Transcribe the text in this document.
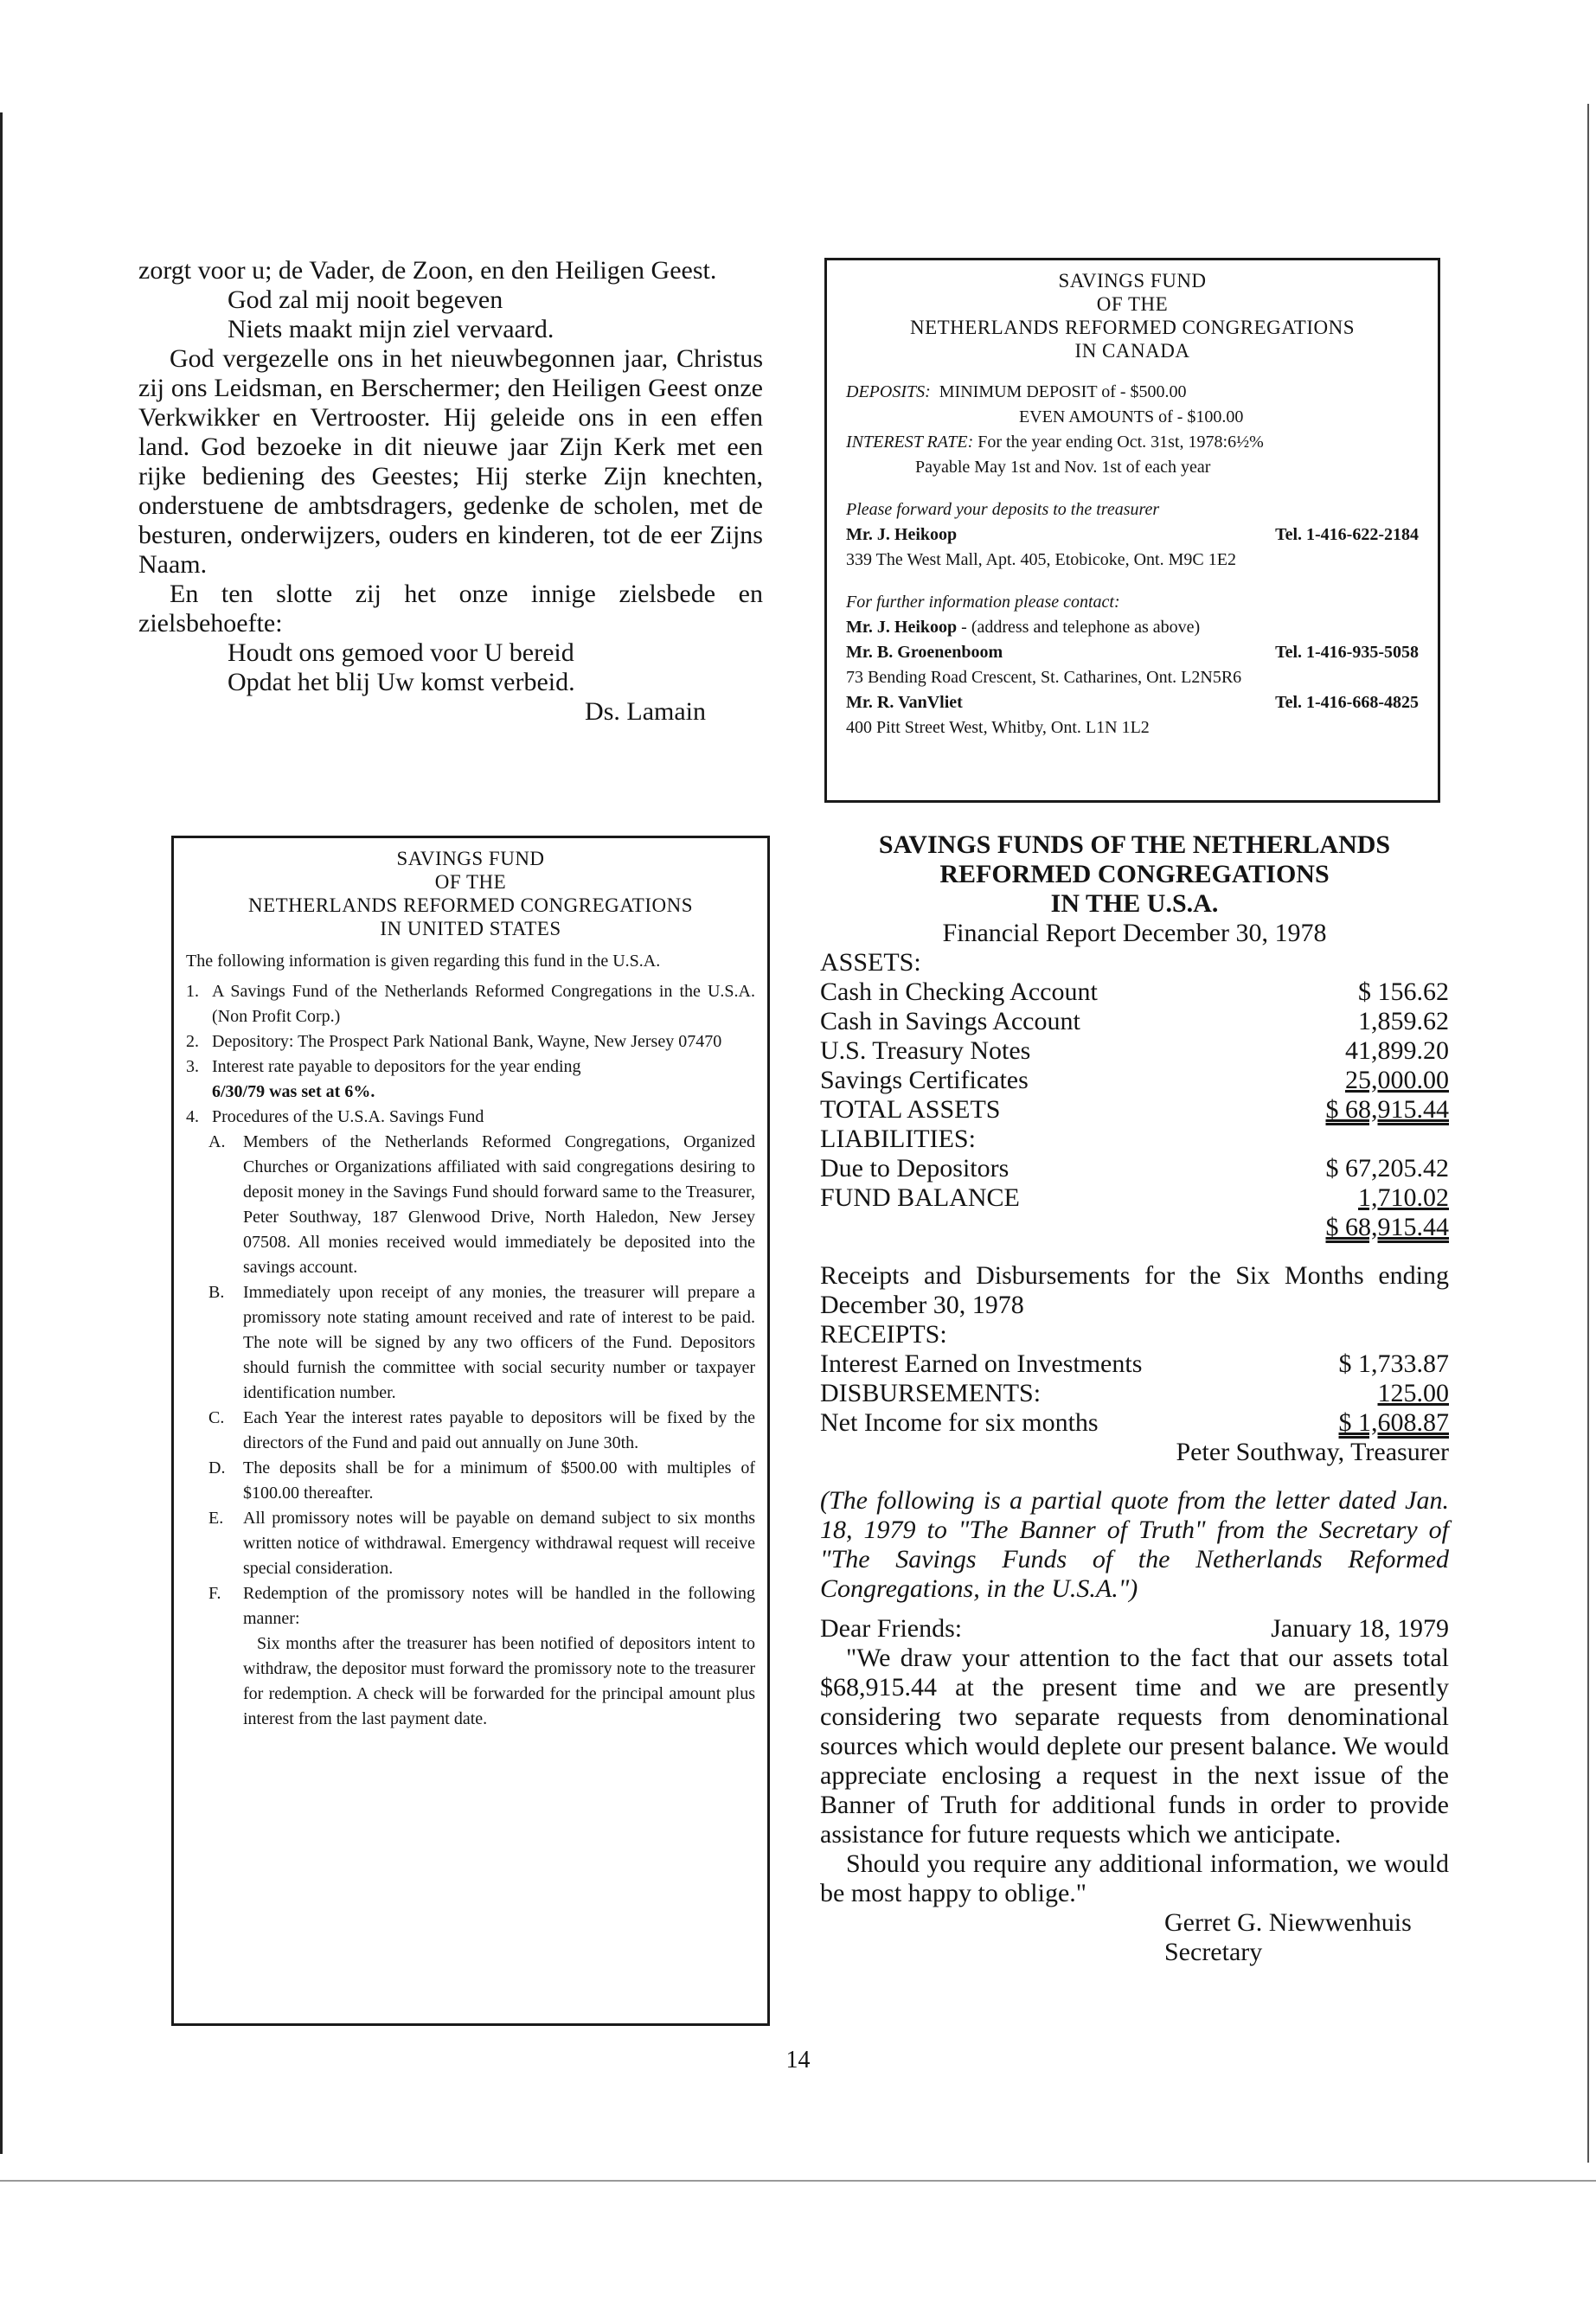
zorgt voor u; de Vader, de Zoon, en den Heiligen Geest.

God zal mij nooit begeven

Niets maakt mijn ziel vervaard.

God vergezelle ons in het nieuwbegonnen jaar, Christus zij ons Leidsman, en Berschermer; den Heiligen Geest onze Verkwikker en Vertrooster. Hij geleide ons in een effen land. God bezoeke in dit nieuwe jaar Zijn Kerk met een rijke bediening des Geestes; Hij sterke Zijn knechten, onderstuene de ambtsdragers, gedenke de scholen, met de besturen, onderwijzers, ouders en kinderen, tot de eer Zijns Naam.

En ten slotte zij het onze innige zielsbede en zielsbehoefte:

Houdt ons gemoed voor U bereid

Opdat het blij Uw komst verbeid.

Ds. Lamain

SAVINGS FUND
OF THE
NETHERLANDS REFORMED CONGREGATIONS
IN UNITED STATES

The following information is given regarding this fund in the U.S.A.

1. A Savings Fund of the Netherlands Reformed Congregations in the U.S.A. (Non Profit Corp.)
2. Depository: The Prospect Park National Bank, Wayne, New Jersey 07470
3. Interest rate payable to depositors for the year ending
6/30/79 was set at 6%.
4. Procedures of the U.S.A. Savings Fund
A.	Members of the Netherlands Reformed Congregations, Organized Churches or Organizations affiliated with said congregations desiring to deposit money in the Savings Fund should forward same to the Treasurer, Peter Southway, 187 Glenwood Drive, North Haledon, New Jersey 07508. All monies received would immediately be deposited into the savings account.
B.	Immediately upon receipt of any monies, the treasurer will prepare a promissory note stating amount received and rate of interest to be paid. The note will be signed by any two officers of the Fund. Depositors should furnish the committee with social security number or taxpayer identification number.
C.	Each Year the interest rates payable to depositors will be fixed by the directors of the Fund and paid out annually on June 30th.
D.	The deposits shall be for a minimum of $500.00 with multiples of $100.00 thereafter.
E.	All promissory notes will be payable on demand subject to six months written notice of withdrawal. Emergency withdrawal request will receive special consideration.
F.	Redemption of the promissory notes will be handled in the following manner:
Six months after the treasurer has been notified of depositors intent to withdraw, the depositor must forward the promissory note to the treasurer for redemption. A check will be forwarded for the principal amount plus interest from the last payment date.
SAVINGS FUND
OF THE
NETHERLANDS REFORMED CONGREGATIONS
IN CANADA
DEPOSITS: MINIMUM DEPOSIT of - $500.00
EVEN AMOUNTS of - $100.00
INTEREST RATE: For the year ending Oct. 31st, 1978:6½%
Payable May 1st and Nov. 1st of each year
Please forward your deposits to the treasurer
Mr. J. Heikoop	Tel. 1-416-622-2184
339 The West Mall, Apt. 405, Etobicoke, Ont. M9C 1E2
For further information please contact:
Mr. J. Heikoop - (address and telephone as above)
Mr. B. Groenenboom	Tel. 1-416-935-5058
73 Bending Road Crescent, St. Catharines, Ont. L2N5R6
Mr. R. VanVliet	Tel. 1-416-668-4825
400 Pitt Street West, Whitby, Ont. L1N 1L2
SAVINGS FUNDS OF THE NETHERLANDS
REFORMED CONGREGATIONS
IN THE U.S.A.
Financial Report December 30, 1978
ASSETS:
Cash in Checking Account	$ 156.62
Cash in Savings Account	1,859.62
U.S. Treasury Notes	41,899.20
Savings Certificates	25,000.00
TOTAL ASSETS	$ 68,915.44
LIABILITIES:
Due to Depositors	$ 67,205.42
FUND BALANCE	1,710.02
$ 68,915.44

Receipts and Disbursements for the Six Months ending December 30, 1978

RECEIPTS:
Interest Earned on Investments	$ 1,733.87
DISBURSEMENTS:	125.00
Net Income for six months	$ 1,608.87
Peter Southway, Treasurer

(The following is a partial quote from the letter dated Jan. 18, 1979 to "The Banner of Truth" from the Secretary of "The Savings Funds of the Netherlands Reformed Congregations, in the U.S.A.")

Dear Friends:	January 18, 1979

"We draw your attention to the fact that our assets total $68,915.44 at the present time and we are presently considering two separate requests from denominational sources which would deplete our present balance. We would appreciate enclosing a request in the next issue of the Banner of Truth for additional funds in order to provide assistance for future requests which we anticipate.

Should you require any additional information, we would be most happy to oblige."

Gerret G. Niewwenhuis
Secretary
14
